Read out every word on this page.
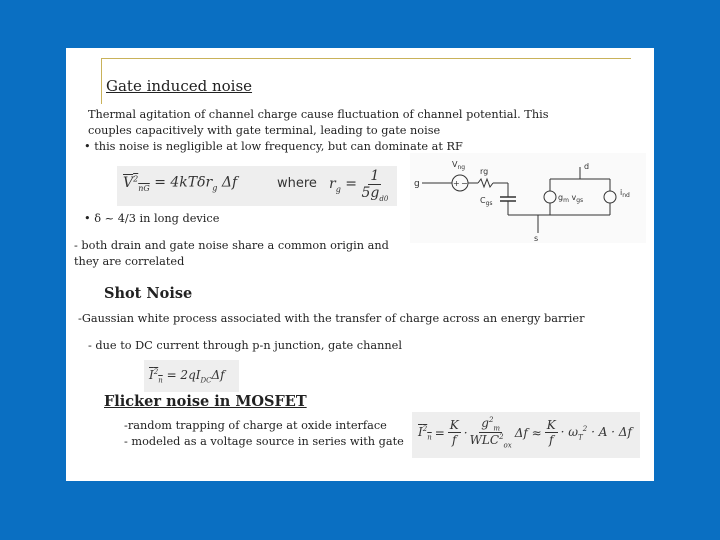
Gate induced noise

Thermal agitation of channel charge cause fluctuation of channel potential. This couples capacitively with gate terminal, leading to gate noise

• this noise is negligible at low frequency, but can dominate at RF

$V^2_{nG} = 4kT\delta r_g$ Δf	where $r_g = \frac{1}{5g_{d0}}$

• δ ~ 4/3 in long device

- both drain and gate noise share a common origin and they are correlated

g	+ −
$V_{ng}$ rg
$C_{gs}$
s
d
$g_m$ $v_{gs}$
$i_{nd}$

Shot Noise

-Gaussian white process associated with the transfer of charge across an energy barrier

- due to DC current through p-n junction, gate channel

$I^2_n = 2qI_{DC}\Delta f$

Flicker noise in MOSFET

-random trapping of charge at oxide interface

- modeled as a voltage source in series with gate

$I^2_n = \frac{K}{f}$ ·
$g^2_m$
$WLC^2_{ox}$
$\Delta f \approx \frac{K}{f} \cdot \omega_T^2 \cdot A \cdot \Delta f$
